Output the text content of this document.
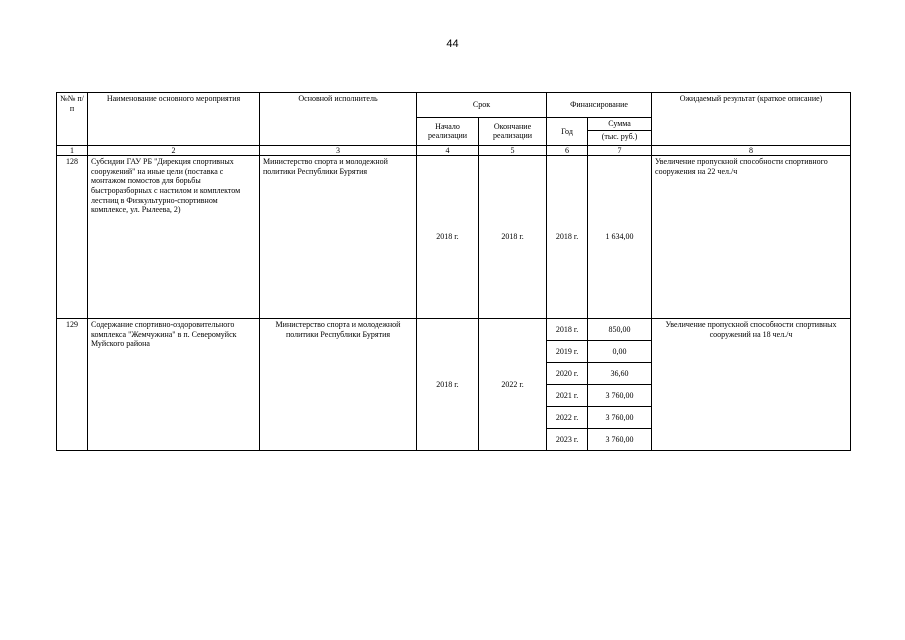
44
№№ п/п	Наименование основного мероприятия	Основной исполнитель	Срок		Финансирование		Ожидаемый результат (краткое описание)
			Начало реализации	Окончание реализации	Год	Сумма	
						(тыс. руб.)	
1	2	3	4	5	6	7	8
128	Субсидии ГАУ РБ "Дирекция спортивных сооружений" на иные цели (поставка с монтажом помостов для борьбы быстроразборных с настилом и комплектом лестниц в Физкультурно-спортивном комплексе, ул. Рылеева, 2)	Министерство спорта и молодежной политики Республики Бурятия	2018 г.	2018 г.	2018 г.	1 634,00	Увеличение пропускной способности спортивного сооружения на 22 чел./ч
129	Содержание спортивно-оздоровительного комплекса "Жемчужина" в п. Северомуйск Муйского района	Министерство спорта и молодежной политики Республики Бурятия	2018 г.	2022 г.	2018 г.	850,00	Увеличение пропускной способности спортивных сооружений на 18 чел./ч
					2019 г.	0,00	
					2020 г.	36,60	
					2021 г.	3 760,00	
					2022 г.	3 760,00	
					2023 г.	3 760,00	
